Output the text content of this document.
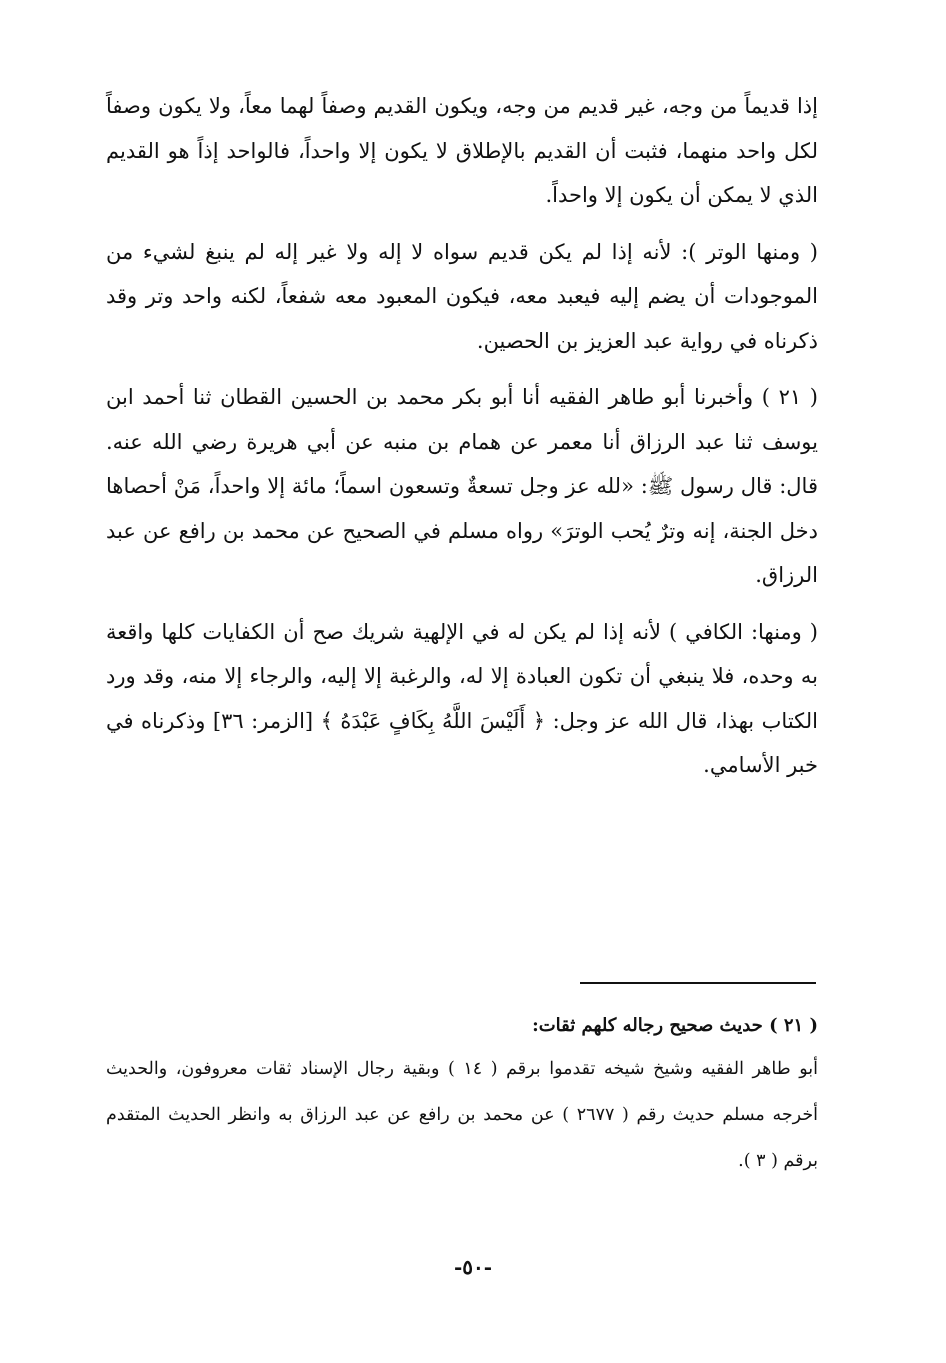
إذا قديماً من وجه، غير قديم من وجه، ويكون القديم وصفاً لهما معاً، ولا يكون وصفاً لكل واحد منهما، فثبت أن القديم بالإطلاق لا يكون إلا واحداً، فالواحد إذاً هو القديم الذي لا يمكن أن يكون إلا واحداً.

( ومنها الوتر ): لأنه إذا لم يكن قديم سواه لا إله ولا غير إله لم ينبغ لشيء من الموجودات أن يضم إليه فيعبد معه، فيكون المعبود معه شفعاً، لكنه واحد وتر وقد ذكرناه في رواية عبد العزيز بن الحصين.

( ٢١ ) وأخبرنا أبو طاهر الفقيه أنا أبو بكر محمد بن الحسين القطان ثنا أحمد ابن يوسف ثنا عبد الرزاق أنا معمر عن همام بن منبه عن أبي هريرة رضي الله عنه. قال: قال رسول ﷺ: «لله عز وجل تسعةٌ وتسعون اسماً؛ مائة إلا واحداً، مَنْ أحصاها دخل الجنة، إنه وترٌ يُحب الوترَ» رواه مسلم في الصحيح عن محمد بن رافع عن عبد الرزاق.

( ومنها: الكافي ) لأنه إذا لم يكن له في الإلهية شريك صح أن الكفايات كلها واقعة به وحده، فلا ينبغي أن تكون العبادة إلا له، والرغبة إلا إليه، والرجاء إلا منه، وقد ورد الكتاب بهذا، قال الله عز وجل: ﴿ أَلَيْسَ اللَّهُ بِكَافٍ عَبْدَهُ ﴾ [الزمر: ٣٦] وذكرناه في خبر الأسامي.

( ٢١ ) حديث صحيح رجاله كلهم ثقات:

أبو طاهر الفقيه وشيخ شيخه تقدموا برقم ( ١٤ ) وبقية رجال الإسناد ثقات معروفون، والحديث أخرجه مسلم حديث رقم ( ٢٦٧٧ ) عن محمد بن رافع عن عبد الرزاق به وانظر الحديث المتقدم برقم ( ٣ ).

-٥٠-
